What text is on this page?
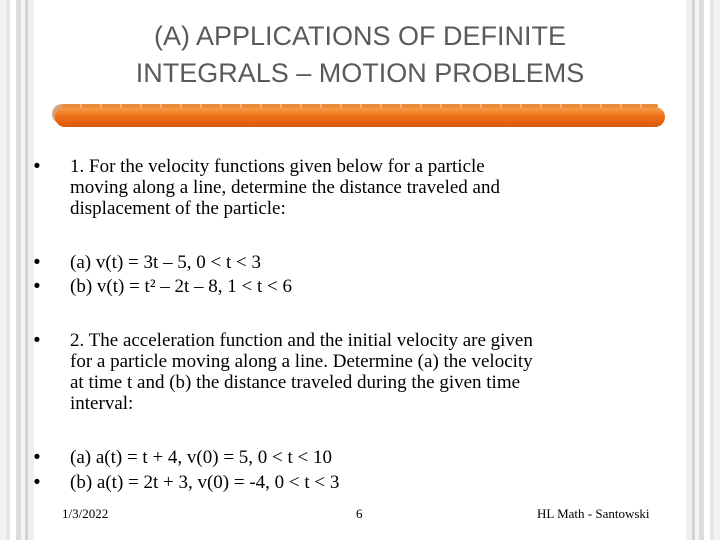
(A) APPLICATIONS OF DEFINITE
INTEGRALS – MOTION PROBLEMS
• 1. For the velocity functions given below for a particle
moving along a line, determine the distance traveled and
displacement of the particle:
• (a) v(t) = 3t – 5, 0 < t < 3
• (b) v(t) = t² – 2t – 8, 1 < t < 6
• 2. The acceleration function and the initial velocity are given
for a particle moving along a line. Determine (a) the velocity
at time t and (b) the distance traveled during the given time
interval:
• (a) a(t) = t + 4, v(0) = 5, 0 < t < 10
• (b) a(t) = 2t + 3, v(0) = -4, 0 < t < 3
1/3/2022	6	HL Math - Santowski
